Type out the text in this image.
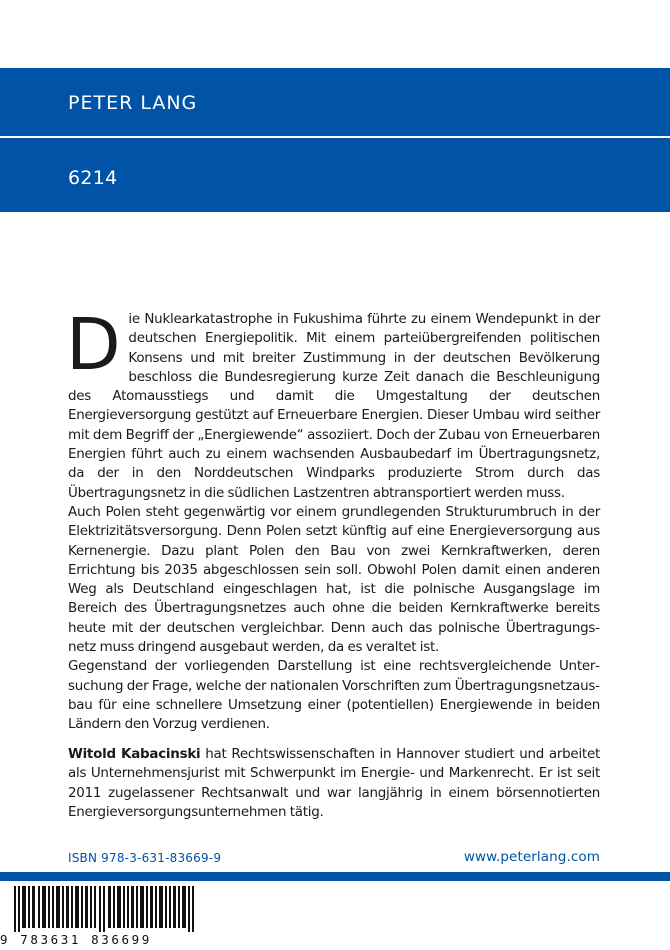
PETER LANG
6214

Die Nuklearkatastrophe in Fukushima führte zu einem Wendepunkt in der deutschen Energiepolitik. Mit einem parteiübergreifenden politischen Konsens und mit breiter Zustimmung in der deutschen Bevölkerung beschloss die Bundesregierung kurze Zeit danach die Beschleunigung des Atomausstiegs und damit die Umgestaltung der deutschen Energieversorgung gestützt auf Erneuerbare Energien. Dieser Umbau wird seither mit dem Begriff der „Energiewende“ assoziiert. Doch der Zubau von Erneuerbaren Energien führt auch zu einem wachsenden Ausbaubedarf im Übertragungsnetz, da der in den Norddeutschen Windparks produzierte Strom durch das Übertragungsnetz in die südlichen Lastzentren abtransportiert werden muss.

Auch Polen steht gegenwärtig vor einem grundlegenden Strukturumbruch in der Elektrizitätsversorgung. Denn Polen setzt künftig auf eine Energieversorgung aus Kernenergie. Dazu plant Polen den Bau von zwei Kernkraftwerken, deren Errichtung bis 2035 abgeschlossen sein soll. Obwohl Polen damit einen anderen Weg als Deutschland eingeschlagen hat, ist die polnische Ausgangslage im Bereich des Übertragungsnetzes auch ohne die beiden Kernkraftwerke bereits heute mit der deutschen vergleichbar. Denn auch das polnische Übertragungsnetz muss dringend ausgebaut werden, da es veraltet ist.

Gegenstand der vorliegenden Darstellung ist eine rechtsvergleichende Untersuchung der Frage, welche der nationalen Vorschriften zum Übertragungsnetzausbau für eine schnellere Umsetzung einer (potentiellen) Energiewende in beiden Ländern den Vorzug verdienen.

Witold Kabacinski hat Rechtswissenschaften in Hannover studiert und arbeitet als Unternehmensjurist mit Schwerpunkt im Energie- und Markenrecht. Er ist seit 2011 zugelassener Rechtsanwalt und war langjährig in einem börsennotierten Energieversorgungsunternehmen tätig.

ISBN 978-3-631-83669-9	www.peterlang.com
9 783631 836699
